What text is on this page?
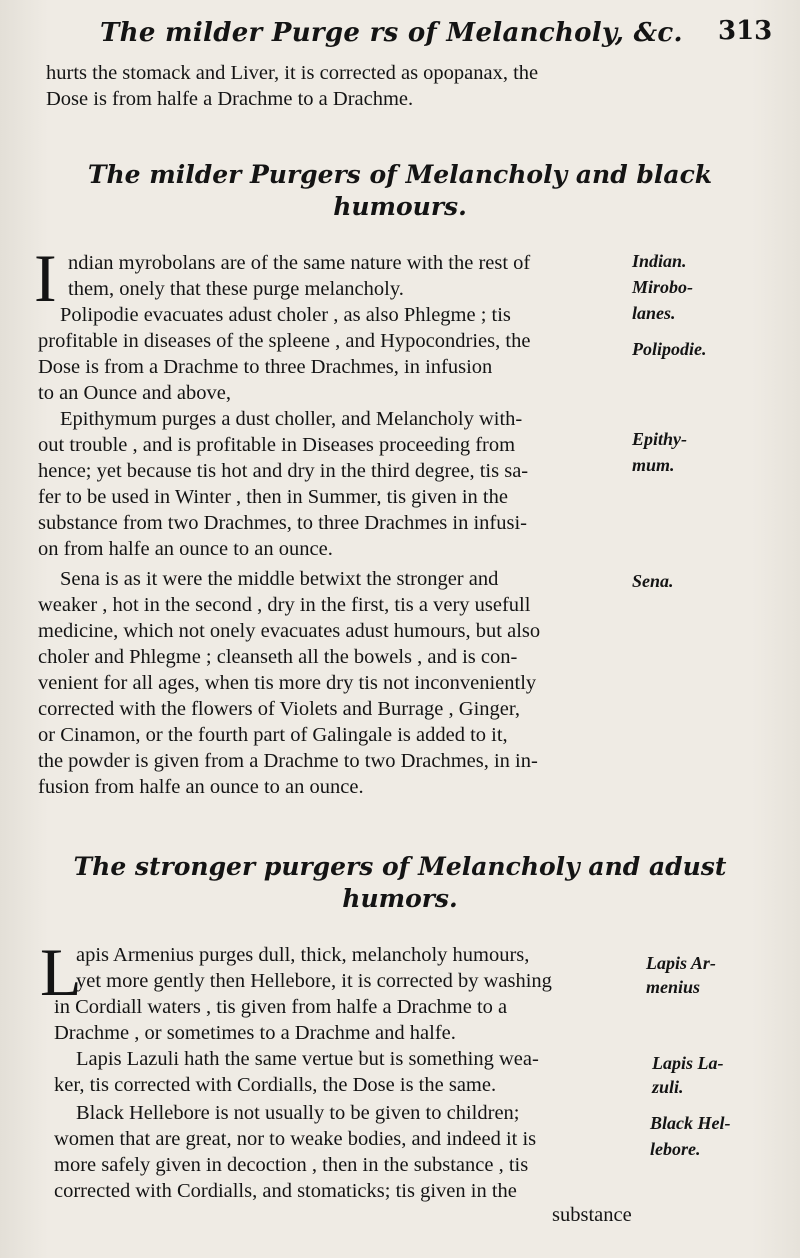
The milder Purge rs of Melancholy, &c. 313
hurts the stomack and Liver, it is corrected as opopanax, the
Dose is from halfe a Drachme to a Drachme.
The milder Purgers of Melancholy and black
humours.
I ndian myrobolans are of the same nature with the rest of
them, onely that these purge melancholy.
Polipodie evacuates adust choler , as also Phlegme ; tis
profitable in diseases of the spleene , and Hypocondries, the
Dose is from a Drachme to three Drachmes, in infusion
to an Ounce and above,
Epithymum purges a dust choller, and Melancholy with-
out trouble , and is profitable in Diseases proceeding from
hence; yet because tis hot and dry in the third degree, tis sa-
fer to be used in Winter , then in Summer, tis given in the
substance from two Drachmes, to three Drachmes in infusi-
on from halfe an ounce to an ounce.
Sena is as it were the middle betwixt the stronger and
weaker , hot in the second , dry in the first, tis a very usefull
medicine, which not onely evacuates adust humours, but also
choler and Phlegme ; cleanseth all the bowels , and is con-
venient for all ages, when tis more dry tis not inconveniently
corrected with the flowers of Violets and Burrage , Ginger,
or Cinamon, or the fourth part of Galingale is added to it,
the powder is given from a Drachme to two Drachmes, in in-
fusion from halfe an ounce to an ounce.
Indian.
Mirobo-
lanes.
Polipodie.
Epithy-
mum.
Sena.
The stronger purgers of Melancholy and adust
humors.
L
apis Armenius purges dull, thick, melancholy humours,
yet more gently then Hellebore, it is corrected by washing
in Cordiall waters , tis given from halfe a Drachme to a
Drachme , or sometimes to a Drachme and halfe.
Lapis Lazuli hath the same vertue but is something wea-
ker, tis corrected with Cordialls, the Dose is the same.
Black Hellebore is not usually to be given to children;
women that are great, nor to weake bodies, and indeed it is
more safely given in decoction , then in the substance , tis
corrected with Cordialls, and stomaticks; tis given in the
substance
Lapis Ar-
menius
Lapis La-
zuli.
Black Hel-
lebore.
